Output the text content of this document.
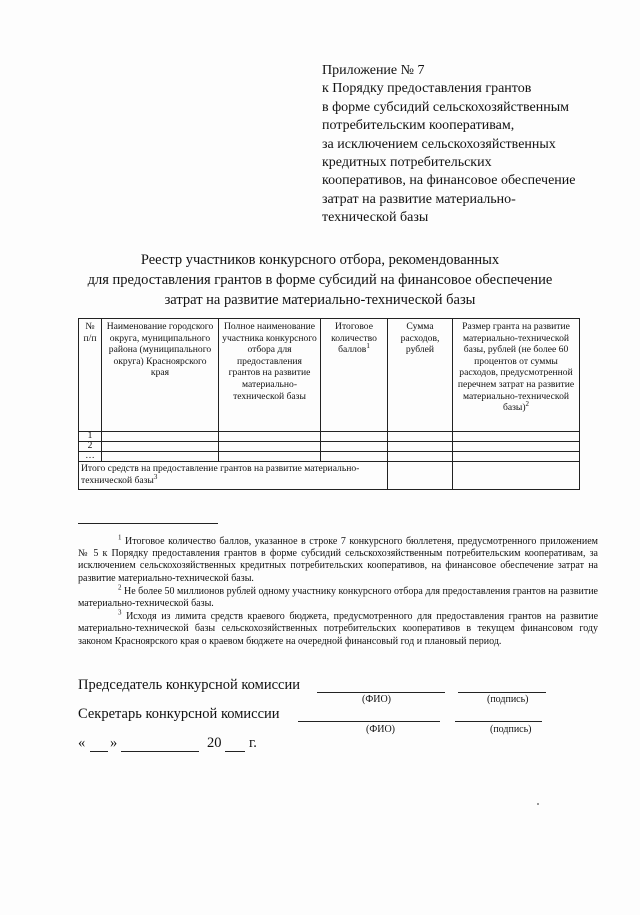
Приложение № 7
к Порядку предоставления грантов
в форме субсидий сельскохозяйственным
потребительским кооперативам,
за исключением сельскохозяйственных
кредитных потребительских
кооперативов, на финансовое обеспечение
затрат на развитие материально-
технической базы
Реестр участников конкурсного отбора, рекомендованных
для предоставления грантов в форме субсидий на финансовое обеспечение
затрат на развитие материально-технической базы
№ п/п	Наименование городского округа, муниципального района (муниципального округа) Красноярского края	Полное наименование участника конкурсного отбора для предоставления грантов на развитие материально-технической базы	Итоговое количество баллов$^1$	Сумма расходов, рублей	Размер гранта на развитие материально-технической базы, рублей (не более 60 процентов от суммы расходов, предусмотренной перечнем затрат на развитие материально-технической базы)$^2$
1					
2					
…					
Итого средств на предоставление грантов на развитие материально-технической базы$^3$		

$^1$ Итоговое количество баллов, указанное в строке 7 конкурсного бюллетеня, предусмотренного приложением № 5 к Порядку предоставления грантов в форме субсидий сельскохозяйственным потребительским кооперативам, за исключением сельскохозяйственных кредитных потребительских кооперативов, на финансовое обеспечение затрат на развитие материально-технической базы.

$^2$ Не более 50 миллионов рублей одному участнику конкурсного отбора для предоставления грантов на развитие материально-технической базы.

$^3$ Исходя из лимита средств краевого бюджета, предусмотренного для предоставления грантов на развитие материально-технической базы сельскохозяйственных потребительских кооперативов в текущем финансовом году законом Красноярского края о краевом бюджете на очередной финансовый год и плановый период.

Председатель конкурсной комиссии
(ФИО)	(подпись)
Секретарь конкурсной комиссии
(ФИО)	(подпись)
« »	20 г.
